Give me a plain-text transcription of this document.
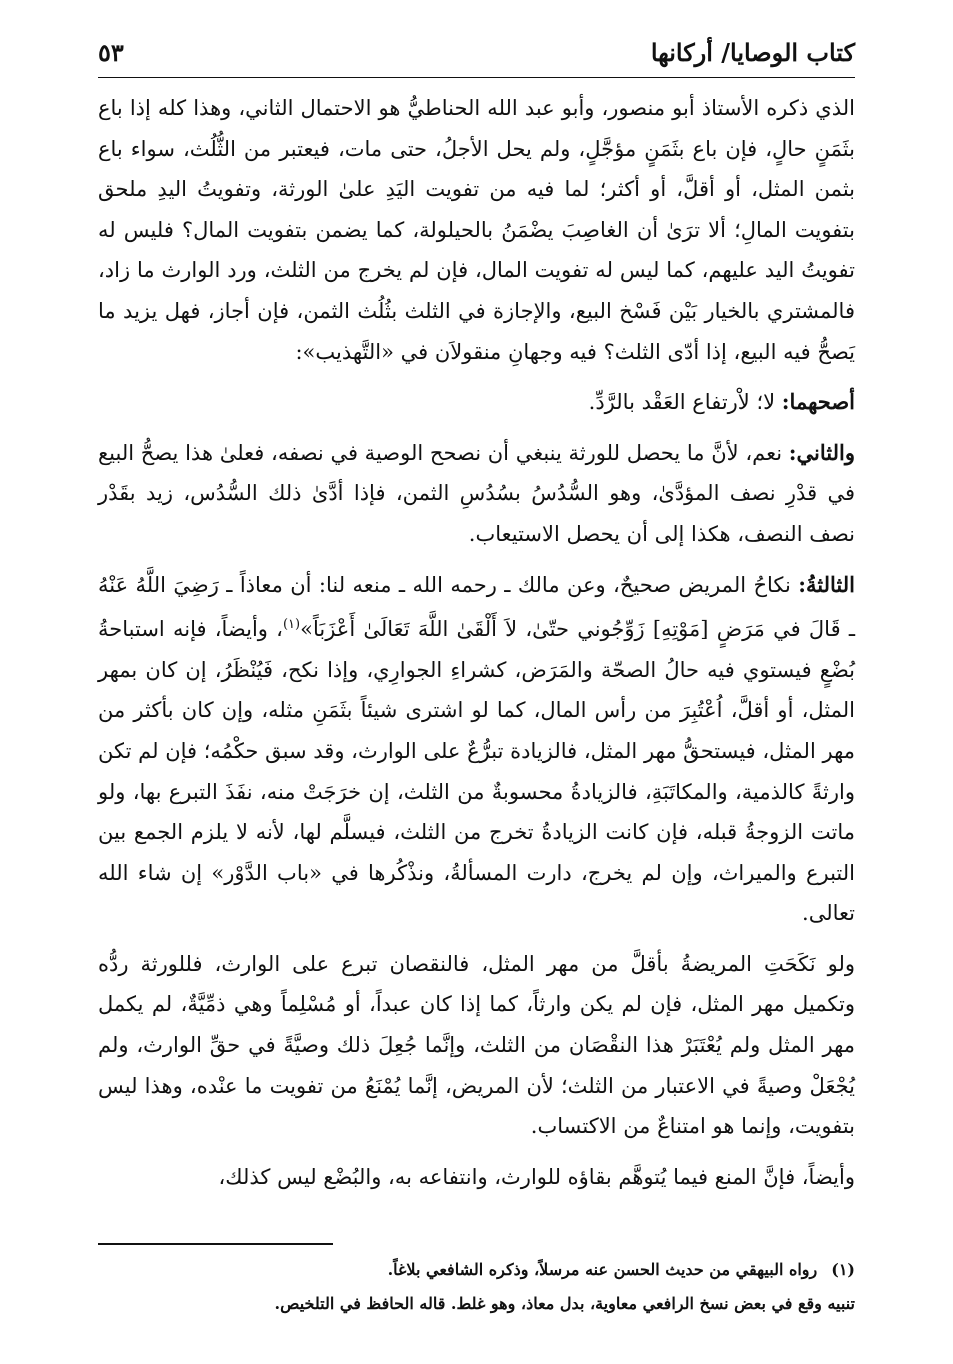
كتاب الوصايا/ أركانها
٥٣

الذي ذكره الأستاذ أبو منصور، وأبو عبد الله الحناطيُّ هو الاحتمال الثاني، وهذا كله إذا باع بثَمَنٍ حالٍ، فإن باع بثَمَنٍ مؤجَّلٍ، ولم يحل الأجلُ، حتى مات، فيعتبر من الثُّلُث، سواء باع بثمن المثل، أو أقلَّ، أو أكثر؛ لما فيه من تفويت اليَدِ علىٰ الورثة، وتفويتُ اليدِ ملحق بتفويت المالِ؛ ألا ترَىٰ أن الغاصِبَ يضْمَنُ بالحيلولة، كما يضمن بتفويت المال؟ فليس له تفويتُ اليد عليهم، كما ليس له تفويت المال، فإن لم يخرج من الثلث، ورد الوارث ما زاد، فالمشتري بالخيار بَيْن فَسْخ البيع، والإجازة في الثلث بثُلُث الثمن، فإن أجاز، فهل يزيد ما يَصحُّ فيه البيع، إذا أدّى الثلث؟ فيه وجهانِ منقولاَن في «التَّهذيب»:

أصحهما: لا؛ لاْرتفاع العَقْد بالرَّدِّ.

والثاني: نعم، لأنَّ ما يحصل للورثة ينبغي أن نصحح الوصية في نصفه، فعلىٰ هذا يصحُّ البيع في قدْرِ نصف المؤدَّىٰ، وهو السُّدُسُ بسُدُسِ الثمن، فإذا أدَّىٰ ذلك السُّدُس، زيد بقَدْر نصف النصف، هكذا إلى أن يحصل الاستيعاب.

الثالثةُ: نكاحُ المريض صحيحٌ، وعن مالك ـ رحمه الله ـ منعه لنا: أن معاذاً ـ رَضِيَ اللَّهُ عَنْهُ ـ قَالَ في مَرَضٍ [مَوْتِهِ] زَوِّجُوني حتّىٰ، لاَ أَلْقَىٰ اللَّهَ تَعَالَىٰ أَعْزَبَاً»$^{(١)}$، وأيضاً، فإنه استباحةُ بُضْعٍ فيستوي فيه حالُ الصحّة والمَرَض، كشراءِ الجوارِي، وإذا نكح، فَيُنْظَرُ، إن كان بمهر المثل، أو أقلَّ، اُعْتُبِرَ من رأس المال، كما لو اشترى شيئاً بثَمَنِ مثله، وإن كان بأكثر من مهر المثل، فيستحقُّ مهر المثل، فالزيادة تبرُّعٌ على الوارث، وقد سبق حكْمُه؛ فإن لم تكن وارثةً كالذمية، والمكاتَبَةِ، فالزيادةُ محسوبةٌ من الثلث، إن خرَجَتْ منه، نفَذَ التبرع بها، ولو ماتت الزوجةُ قبله، فإن كانت الزيادةُ تخرج من الثلث، فيسلَّم لها، لأنه لا يلزم الجمع بين التبرع والميراث، وإن لم يخرج، دارت المسألةُ، ونذْكُرها في «باب الدَّوْر» إن شاء الله تعالى.

ولو نَكَحَتِ المريضةُ بأقلَّ من مهر المثل، فالنقصان تبرع على الوارث، فللورثة ردُّه وتكميل مهر المثل، فإن لم يكن وارثاً، كما إذا كان عبداً، أو مُسْلِماً وهي ذمِّيَّةٌ، لم يكمل مهر المثل ولم يُعْتَبَرْ هذا النقْصَان من الثلث، وإنَّما جُعِلَ ذلك وصيَّةً في حقِّ الوارث، ولم يُجْعَلْ وصيةً في الاعتبار من الثلث؛ لأن المريض، إنَّما يُمْنَعُ من تفويت ما عنْده، وهذا ليس بتفويت، وإنما هو امتناعٌ من الاكتساب.

وأيضاً، فإنَّ المنع فيما يُتوهَّم بقاؤه للوارث، وانتفاعه به، والبُضْع ليس كذلك،

(١)رواه البيهقي من حديث الحسن عنه مرسلاً، وذكره الشافعي بلاغاً.
تنبيه وقع في بعض نسخ الرافعي معاوية، بدل معاذ، وهو غلط. قاله الحافظ في التلخيص.
